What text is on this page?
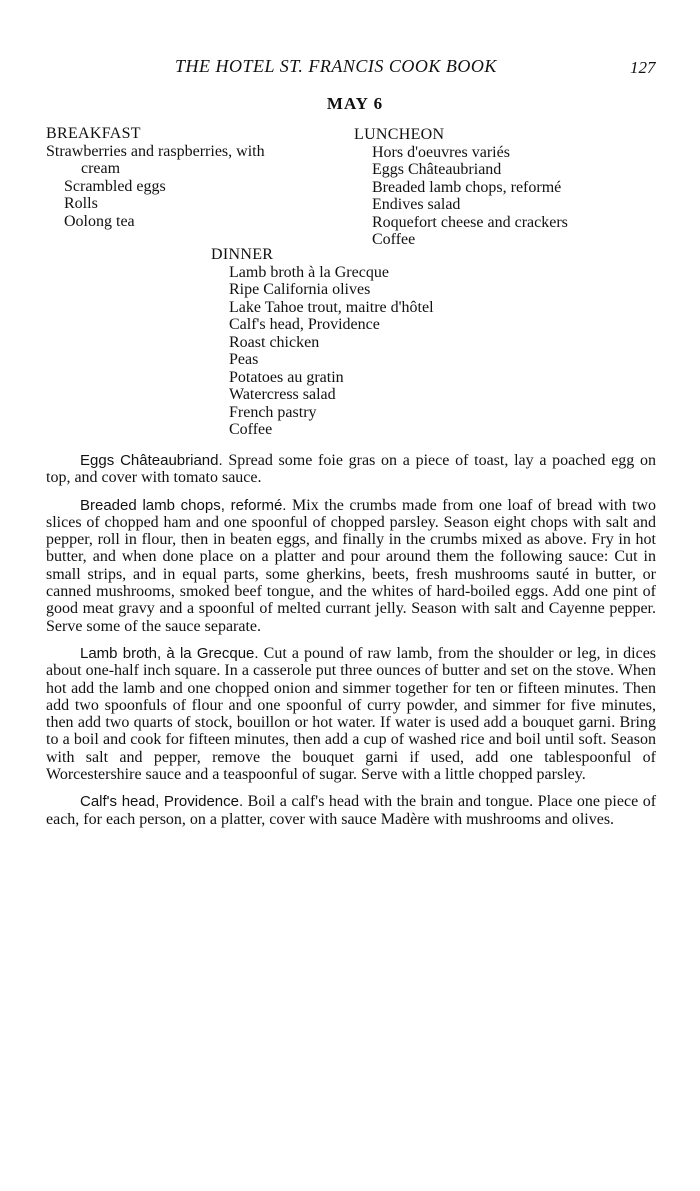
THE HOTEL ST. FRANCIS COOK BOOK	127
MAY 6
BREAKFAST
Strawberries and raspberries, with
cream
Scrambled eggs
Rolls
Oolong tea
LUNCHEON
Hors d'oeuvres variés
Eggs Châteaubriand
Breaded lamb chops, reformé
Endives salad
Roquefort cheese and crackers
Coffee
DINNER
Lamb broth à la Grecque
Ripe California olives
Lake Tahoe trout, maitre d'hôtel
Calf's head, Providence
Roast chicken
Peas
Potatoes au gratin
Watercress salad
French pastry
Coffee

Eggs Châteaubriand. Spread some foie gras on a piece of toast, lay a poached egg on top, and cover with tomato sauce.

Breaded lamb chops, reformé. Mix the crumbs made from one loaf of bread with two slices of chopped ham and one spoonful of chopped parsley. Season eight chops with salt and pepper, roll in flour, then in beaten eggs, and finally in the crumbs mixed as above. Fry in hot butter, and when done place on a platter and pour around them the following sauce: Cut in small strips, and in equal parts, some gherkins, beets, fresh mushrooms sauté in butter, or canned mushrooms, smoked beef tongue, and the whites of hard-boiled eggs. Add one pint of good meat gravy and a spoonful of melted currant jelly. Season with salt and Cayenne pepper. Serve some of the sauce separate.

Lamb broth, à la Grecque. Cut a pound of raw lamb, from the shoulder or leg, in dices about one-half inch square. In a casserole put three ounces of butter and set on the stove. When hot add the lamb and one chopped onion and simmer together for ten or fifteen minutes. Then add two spoonfuls of flour and one spoonful of curry powder, and simmer for five minutes, then add two quarts of stock, bouillon or hot water. If water is used add a bouquet garni. Bring to a boil and cook for fifteen minutes, then add a cup of washed rice and boil until soft. Season with salt and pepper, remove the bouquet garni if used, add one tablespoonful of Worcestershire sauce and a teaspoonful of sugar. Serve with a little chopped parsley.

Calf's head, Providence. Boil a calf's head with the brain and tongue. Place one piece of each, for each person, on a platter, cover with sauce Madère with mushrooms and olives.
